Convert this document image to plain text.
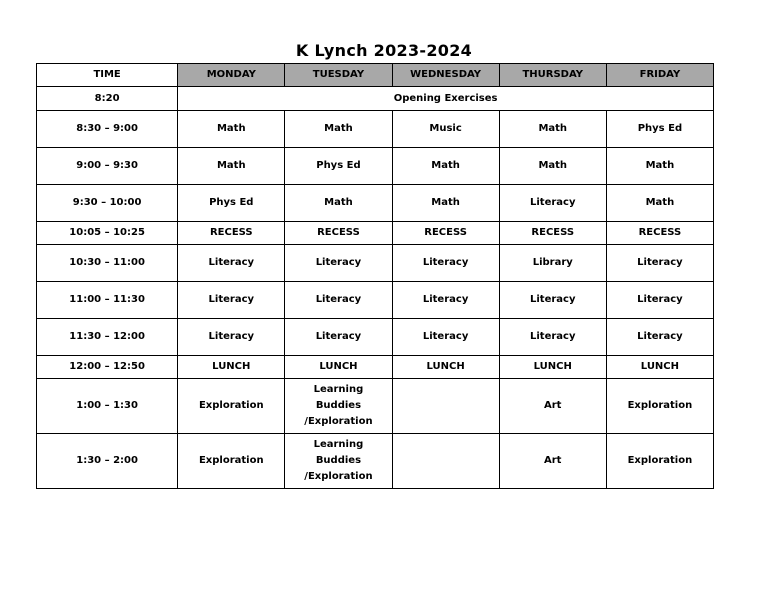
K Lynch 2023-2024
TIME	MONDAY	TUESDAY	WEDNESDAY	THURSDAY	FRIDAY
8:20	Opening Exercises				
8:30 – 9:00	Math	Math	Music	Math	Phys Ed
9:00 – 9:30	Math	Phys Ed	Math	Math	Math
9:30 – 10:00	Phys Ed	Math	Math	Literacy	Math
10:05 – 10:25	RECESS	RECESS	RECESS	RECESS	RECESS
10:30 – 11:00	Literacy	Literacy	Literacy	Library	Literacy
11:00 – 11:30	Literacy	Literacy	Literacy	Literacy	Literacy
11:30 – 12:00	Literacy	Literacy	Literacy	Literacy	Literacy
12:00 – 12:50	LUNCH	LUNCH	LUNCH	LUNCH	LUNCH
1:00 – 1:30	Exploration	Learning
Buddies
/Exploration		Art	Exploration
1:30 – 2:00	Exploration	Learning
Buddies
/Exploration		Art	Exploration
